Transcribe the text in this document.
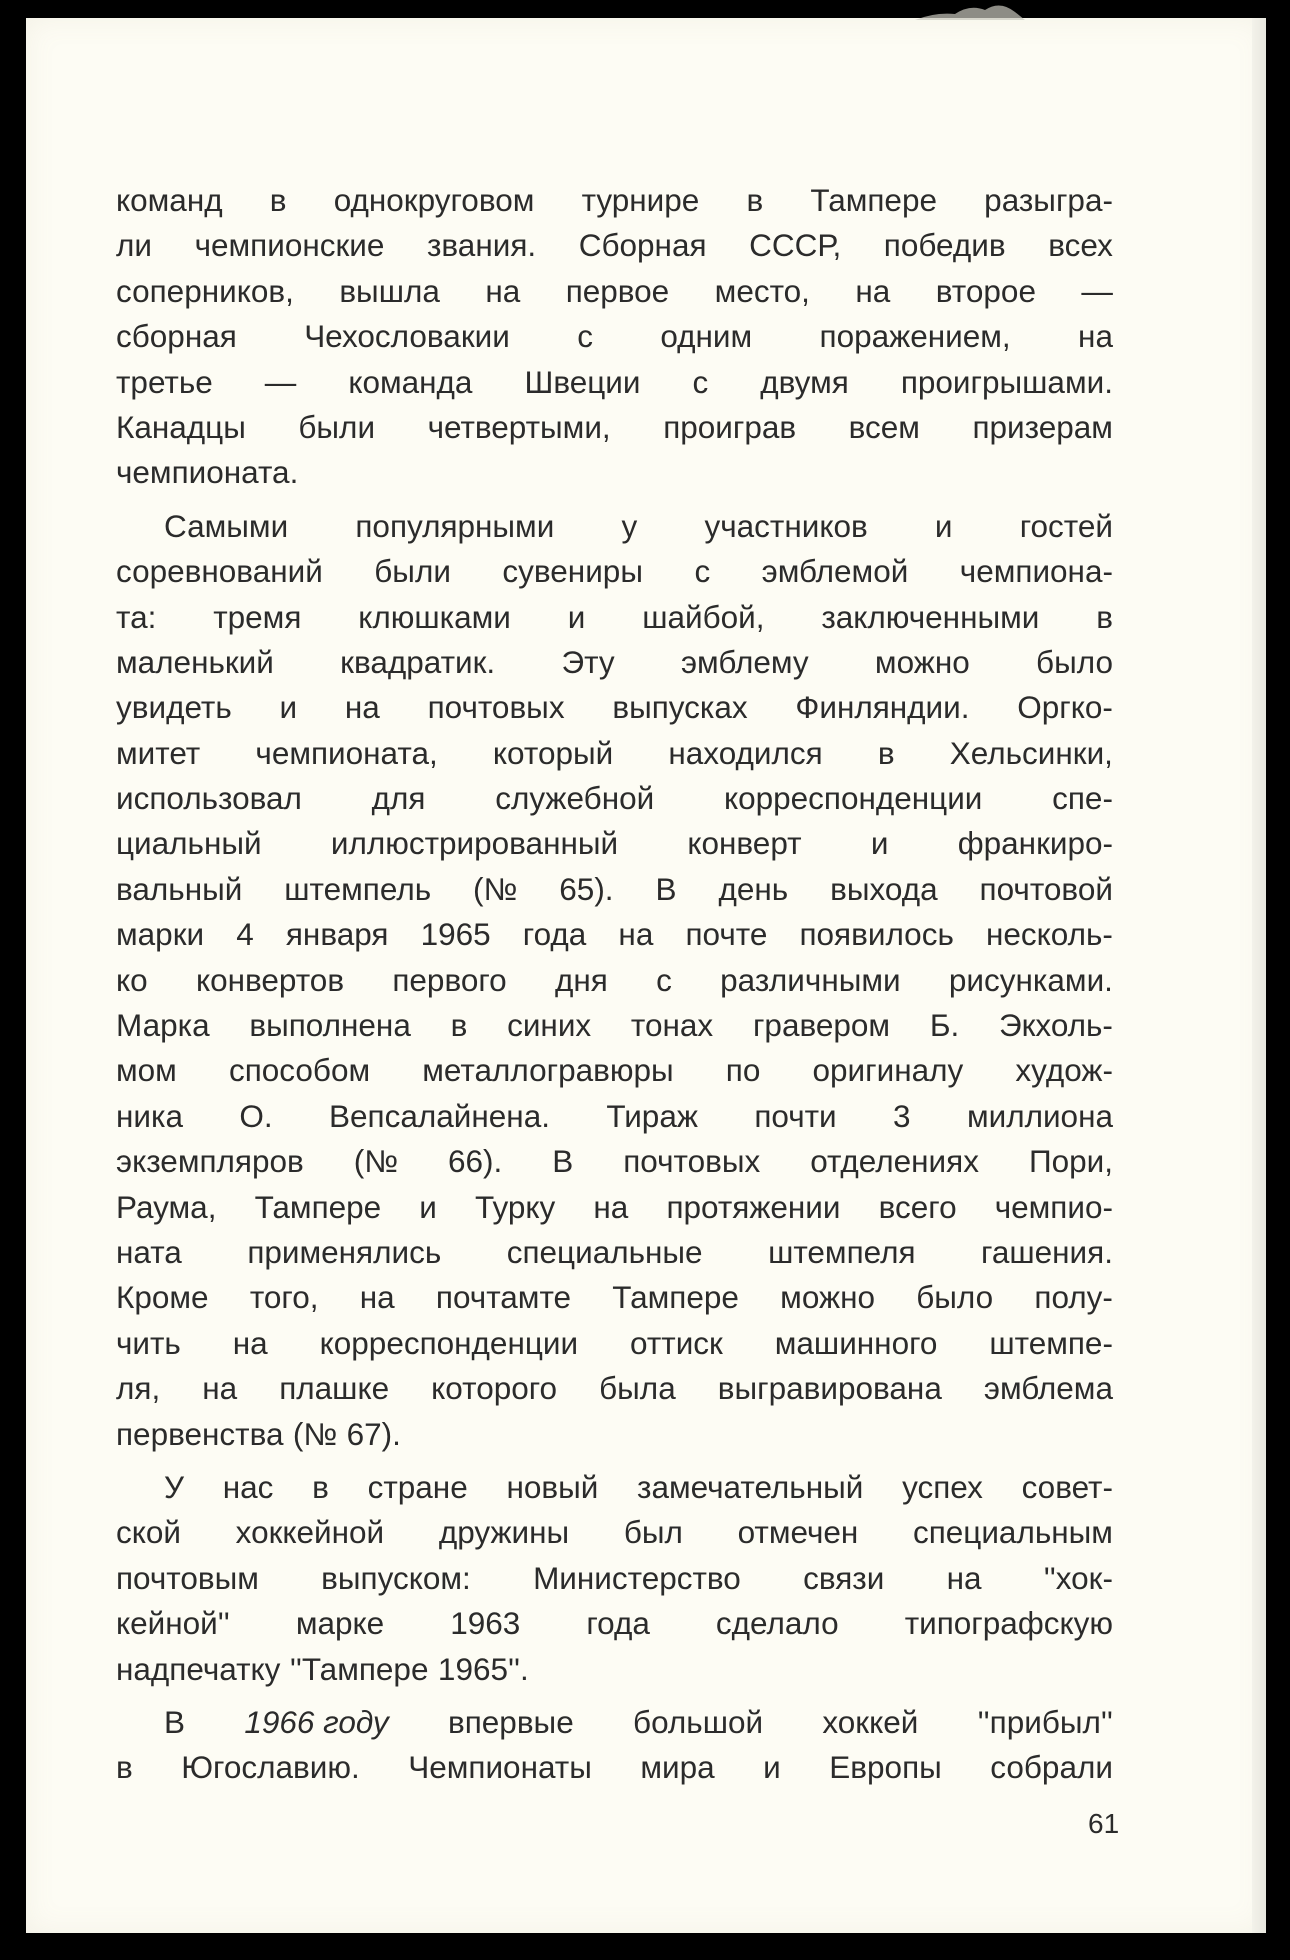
команд в однокруговом турнире в Тампере разыгра-
ли чемпионские звания. Сборная СССР, победив всех
соперников, вышла на первое место, на второе —
сборная Чехословакии с одним поражением, на
третье — команда Швеции с двумя проигрышами.
Канадцы были четвертыми, проиграв всем призерам
чемпионата.
Самыми популярными у участников и гостей
соревнований были сувениры с эмблемой чемпиона-
та: тремя клюшками и шайбой, заключенными в
маленький квадратик. Эту эмблему можно было
увидеть и на почтовых выпусках Финляндии. Оргко-
митет чемпионата, который находился в Хельсинки,
использовал для служебной корреспонденции спе-
циальный иллюстрированный конверт и франкиро-
вальный штемпель (№ 65). В день выхода почтовой
марки 4 января 1965 года на почте появилось несколь-
ко конвертов первого дня с различными рисунками.
Марка выполнена в синих тонах гравером Б. Экхоль-
мом способом металлогравюры по оригиналу худож-
ника О. Вепсалайнена. Тираж почти 3 миллиона
экземпляров (№ 66). В почтовых отделениях Пори,
Раума, Тампере и Турку на протяжении всего чемпио-
ната применялись специальные штемпеля гашения.
Кроме того, на почтамте Тампере можно было полу-
чить на корреспонденции оттиск машинного штемпе-
ля, на плашке которого была выгравирована эмблема
первенства (№ 67).
У нас в стране новый замечательный успех совет-
ской хоккейной дружины был отмечен специальным
почтовым выпуском: Министерство связи на ''хок-
кейной'' марке 1963 года сделало типографскую
надпечатку ''Тампере 1965''.
В 1966 году впервые большой хоккей ''прибыл''
в Югославию. Чемпионаты мира и Европы собрали
61
